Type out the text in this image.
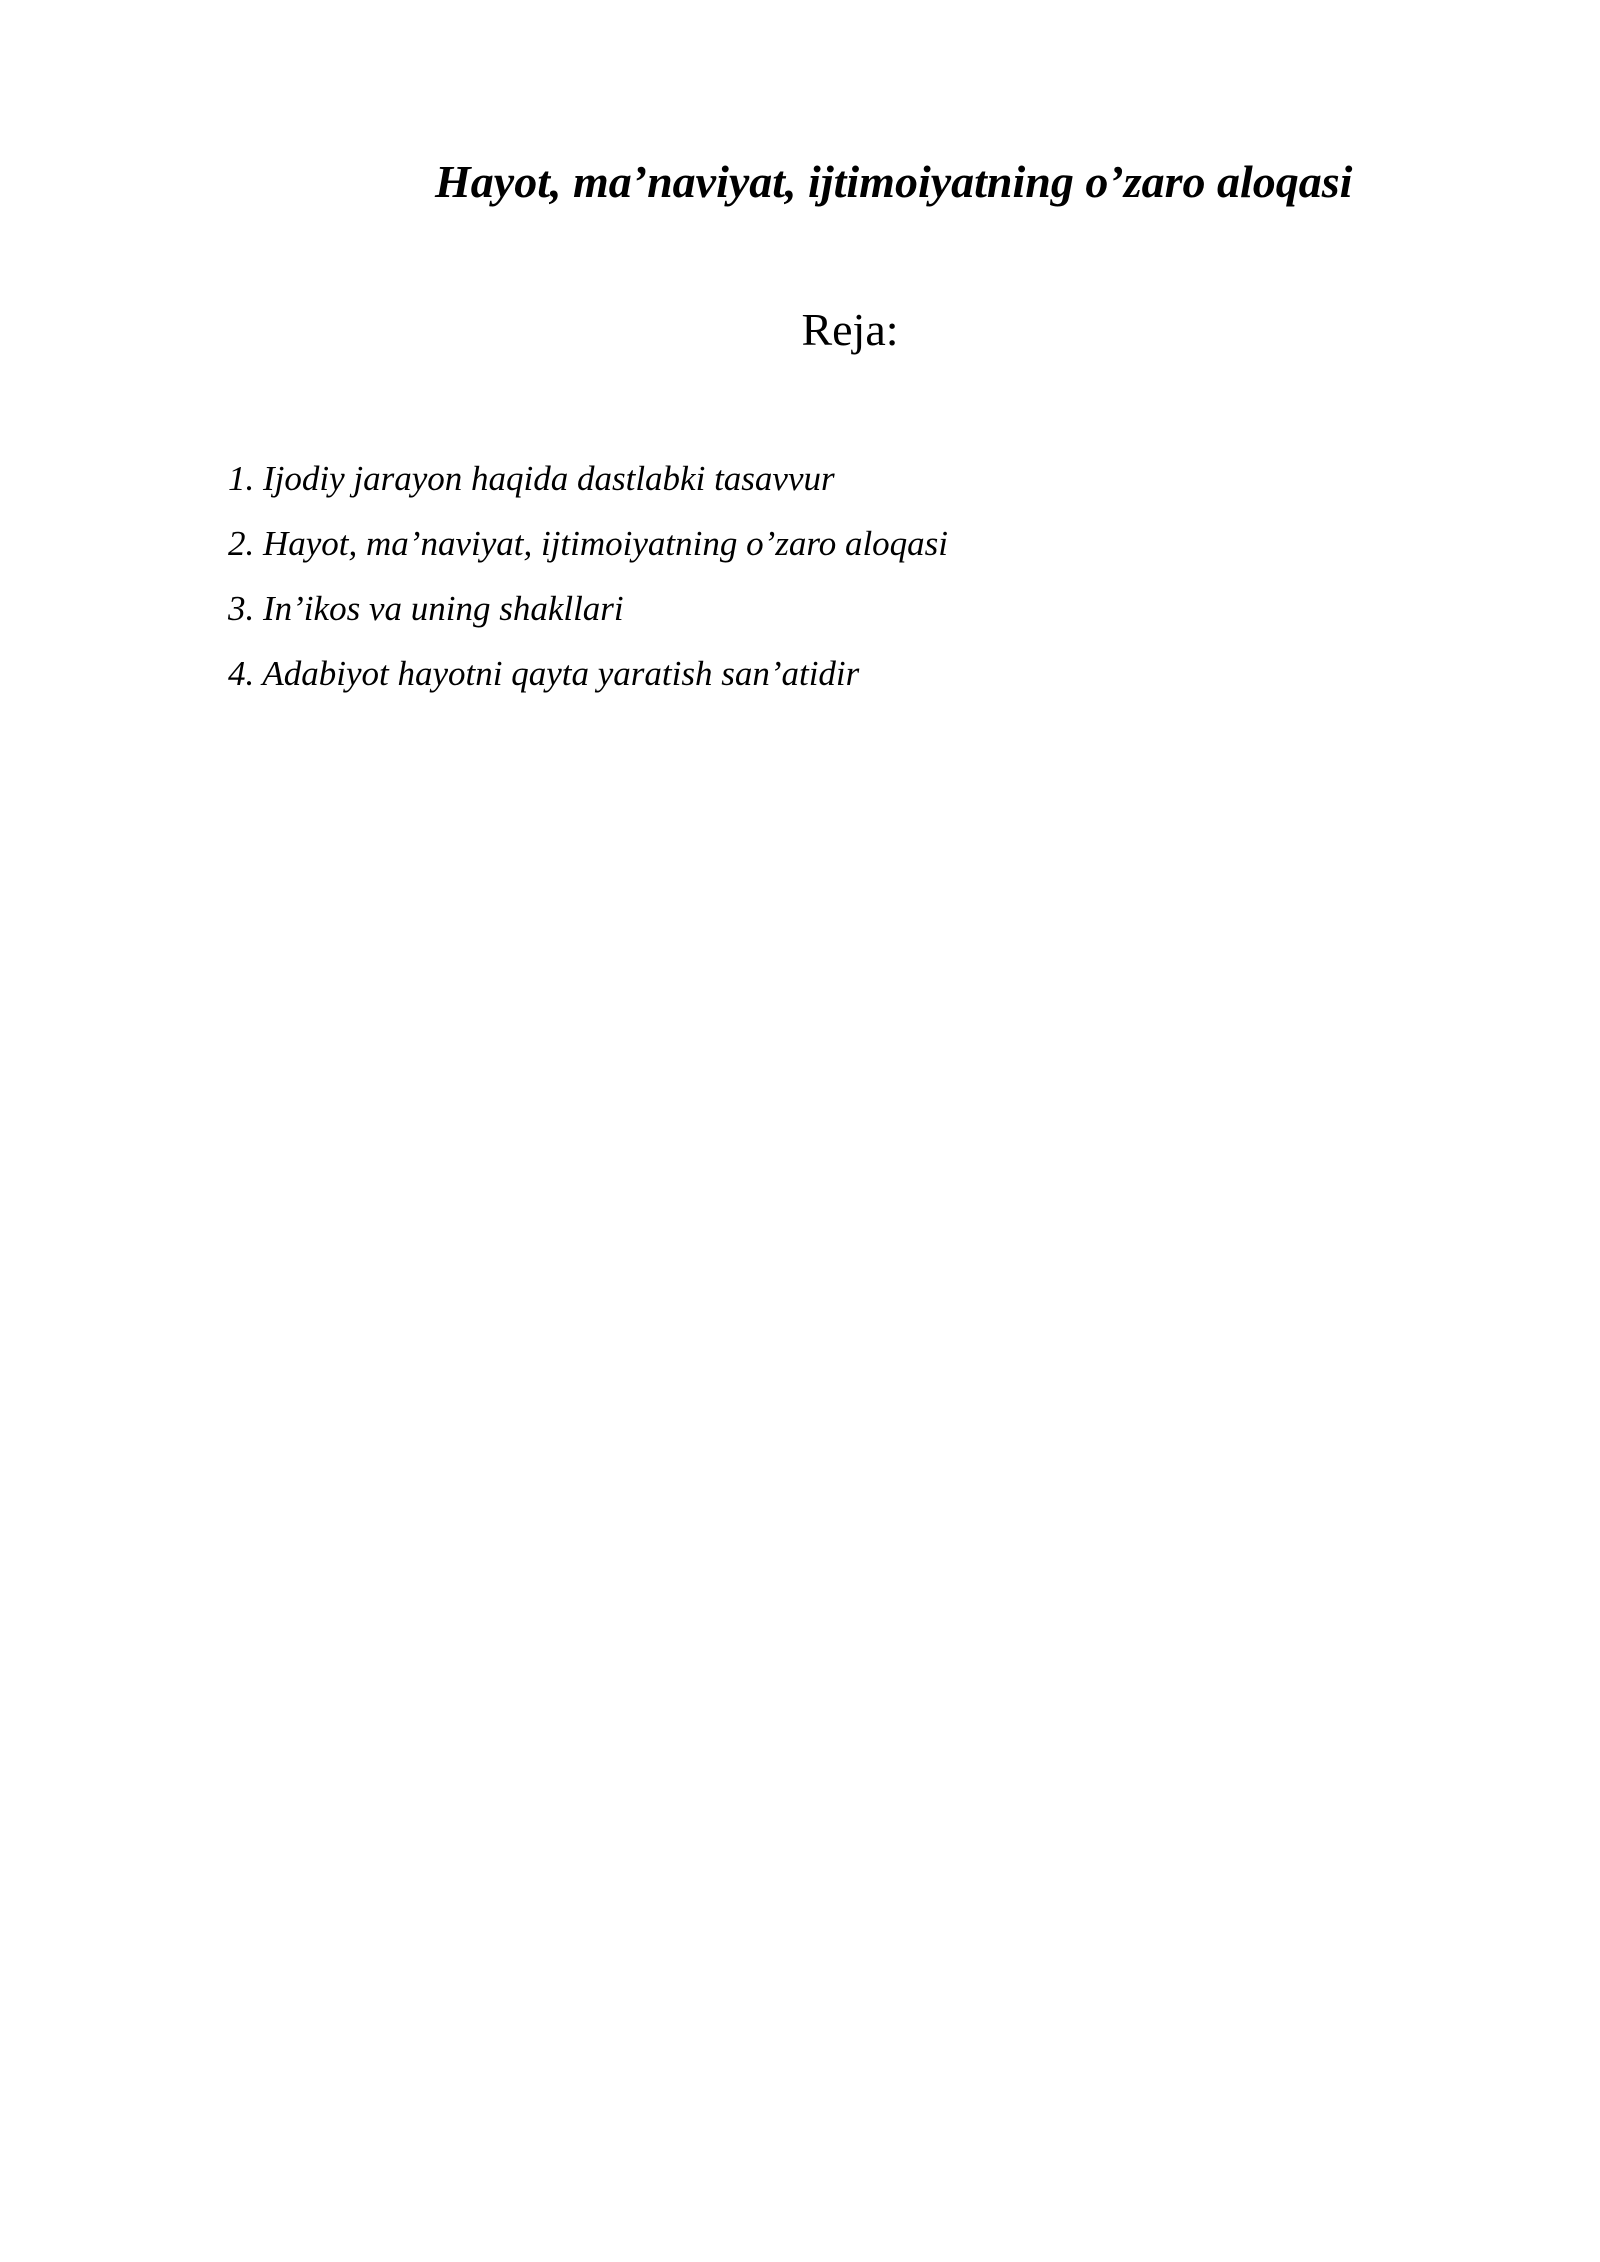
Hayot, ma’naviyat, ijtimoiyatning o’zaro aloqasi
Reja:
1. Ijodiy jarayon haqida dastlabki tasavvur
2. Hayot, ma’naviyat, ijtimoiyatning o’zaro aloqasi
3. In’ikos va uning shakllari
4. Adabiyot hayotni qayta yaratish san’atidir
